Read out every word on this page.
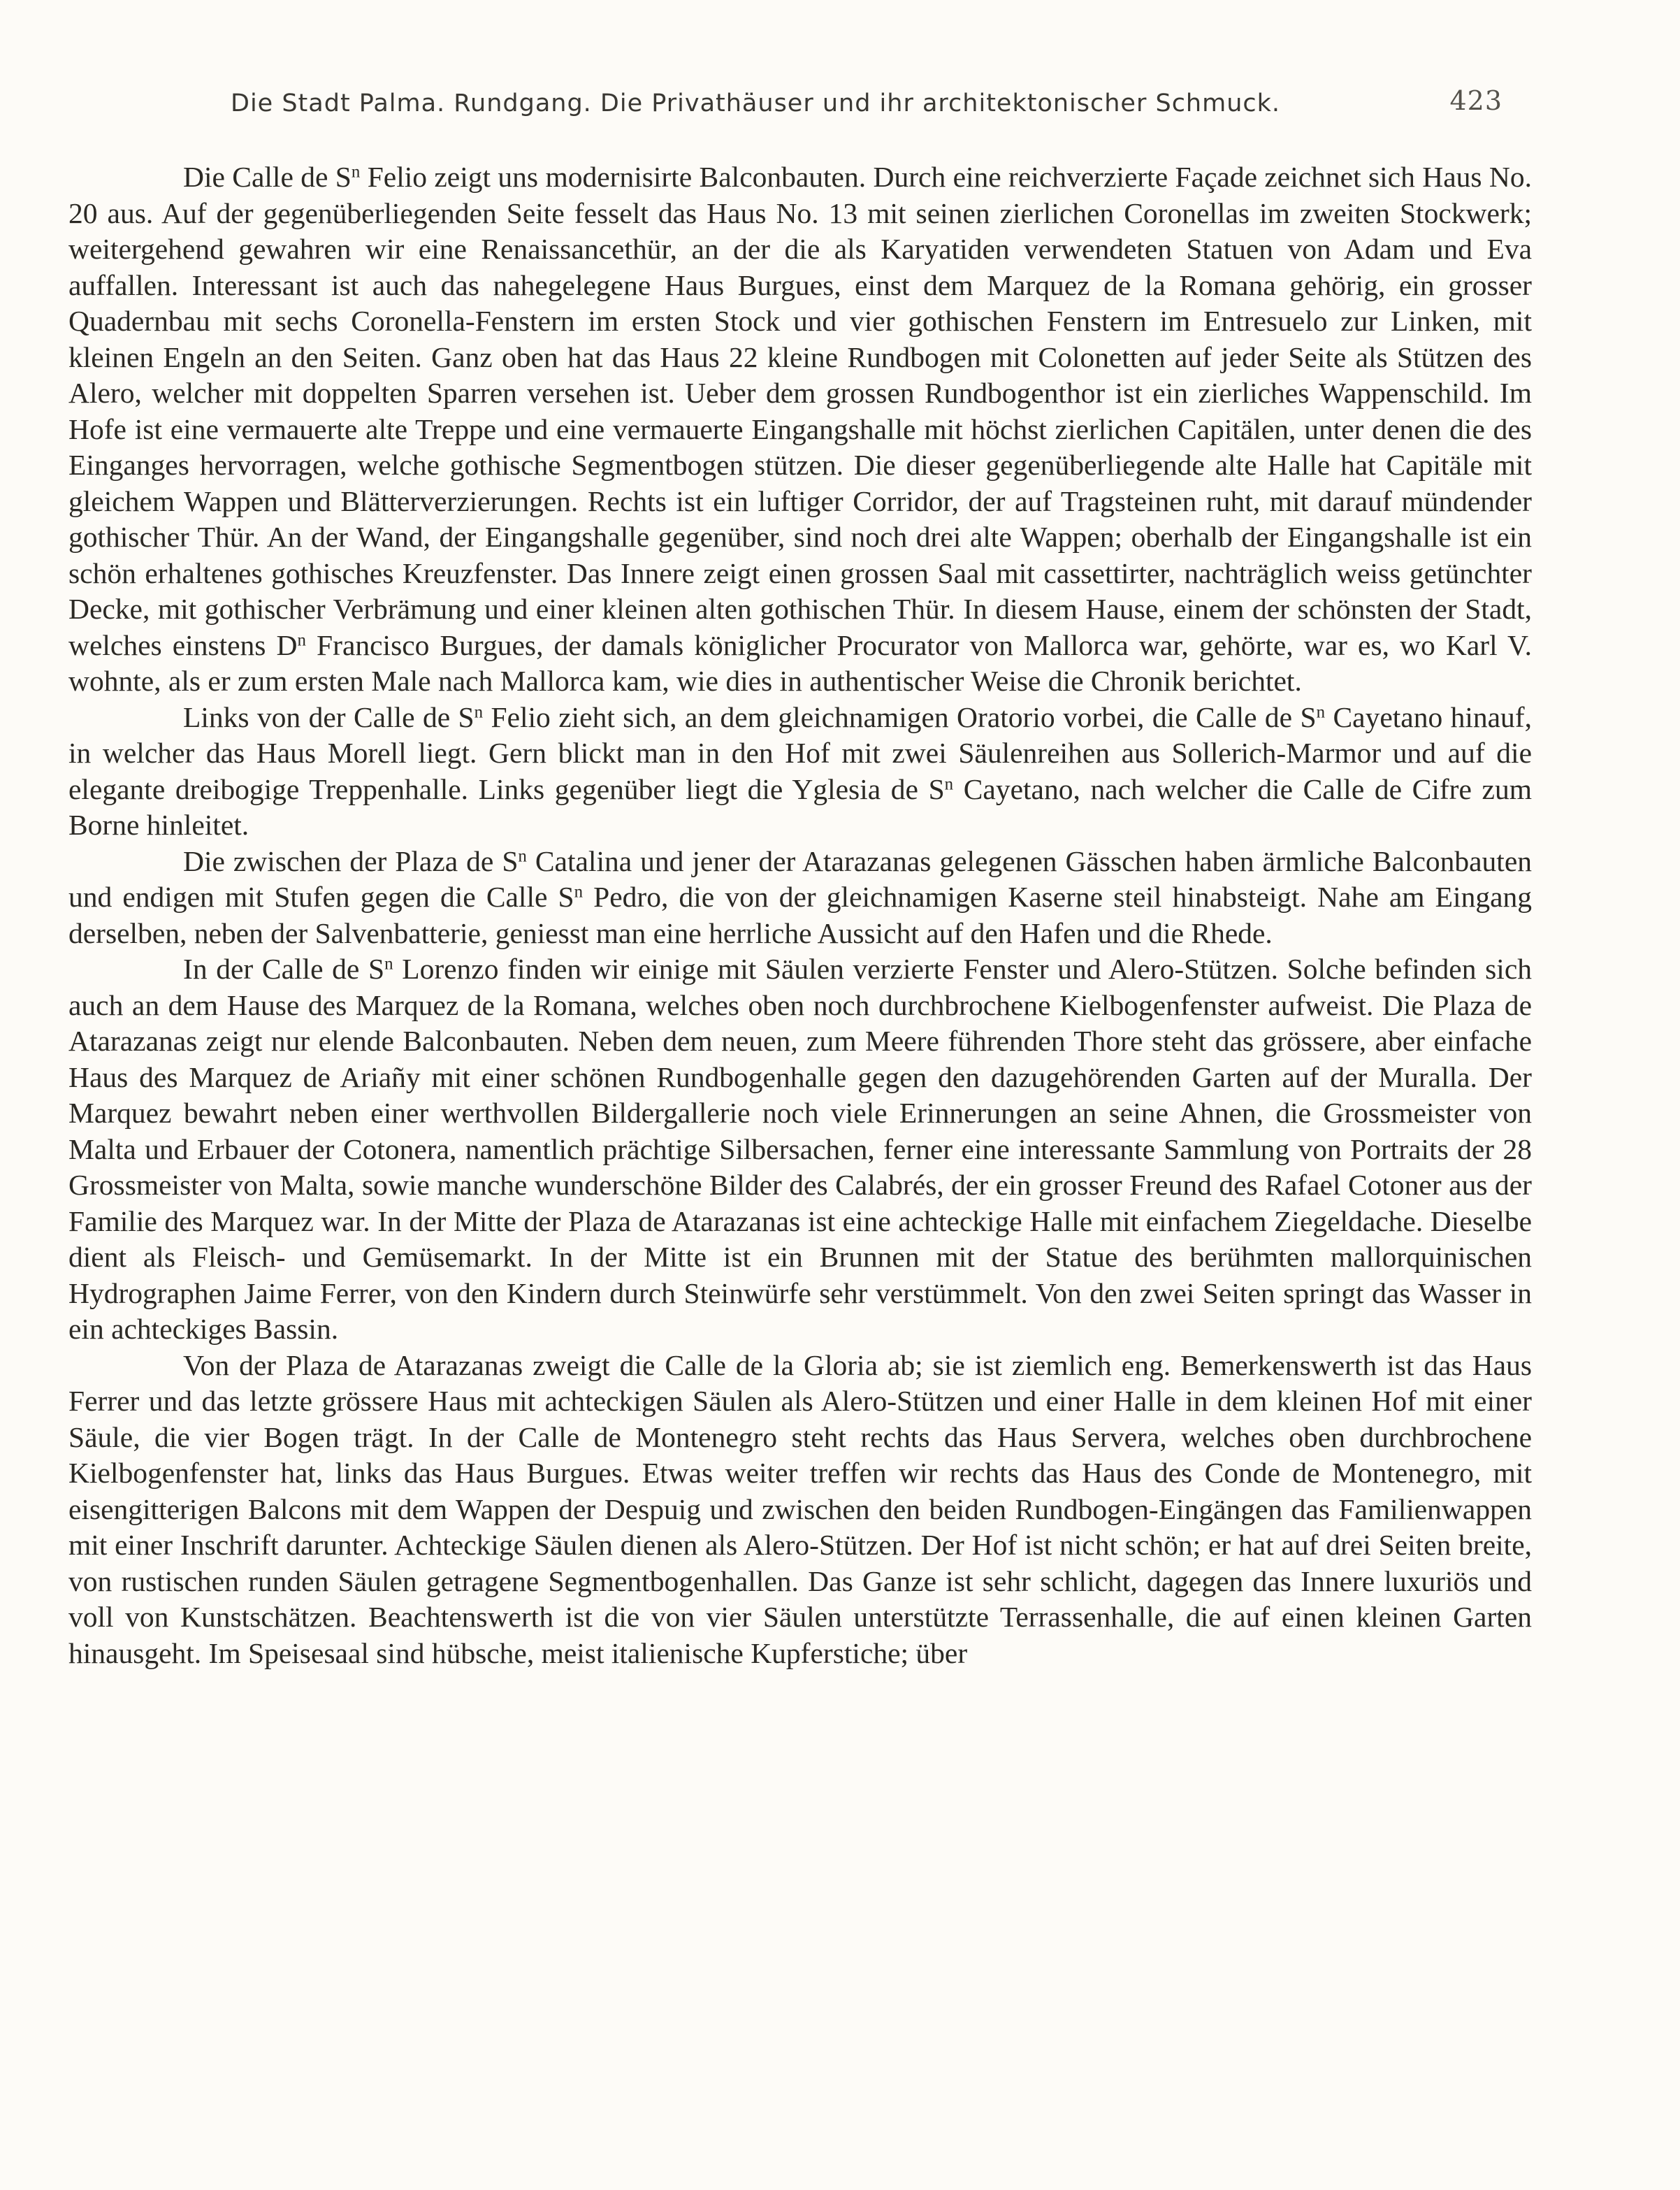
Die Stadt Palma. Rundgang. Die Privathäuser und ihr architektonischer Schmuck.	423

Die Calle de $S^n$ Felio zeigt uns modernisirte Balconbauten. Durch eine reichverzierte Façade zeichnet sich Haus No. 20 aus. Auf der gegenüberliegenden Seite fesselt das Haus No. 13 mit seinen zierlichen Coronellas im zweiten Stockwerk; weitergehend gewahren wir eine Renaissancethür, an der die als Karyatiden verwendeten Statuen von Adam und Eva auffallen. Interessant ist auch das nahegelegene Haus Burgues, einst dem Marquez de la Romana gehörig, ein grosser Quadernbau mit sechs Coronella-Fenstern im ersten Stock und vier gothischen Fenstern im Entresuelo zur Linken, mit kleinen Engeln an den Seiten. Ganz oben hat das Haus 22 kleine Rundbogen mit Colonetten auf jeder Seite als Stützen des Alero, welcher mit doppelten Sparren versehen ist. Ueber dem grossen Rundbogenthor ist ein zierliches Wappenschild. Im Hofe ist eine vermauerte alte Treppe und eine vermauerte Eingangshalle mit höchst zierlichen Capitälen, unter denen die des Einganges hervorragen, welche gothische Segmentbogen stützen. Die dieser gegenüberliegende alte Halle hat Capitäle mit gleichem Wappen und Blätterverzierungen. Rechts ist ein luftiger Corridor, der auf Tragsteinen ruht, mit darauf mündender gothischer Thür. An der Wand, der Eingangshalle gegenüber, sind noch drei alte Wappen; oberhalb der Eingangshalle ist ein schön erhaltenes gothisches Kreuzfenster. Das Innere zeigt einen grossen Saal mit cassettirter, nachträglich weiss getünchter Decke, mit gothischer Verbrämung und einer kleinen alten gothischen Thür. In diesem Hause, einem der schönsten der Stadt, welches einstens $D^n$ Francisco Burgues, der damals königlicher Procurator von Mallorca war, gehörte, war es, wo Karl V. wohnte, als er zum ersten Male nach Mallorca kam, wie dies in authentischer Weise die Chronik berichtet.

Links von der Calle de $S^n$ Felio zieht sich, an dem gleichnamigen Oratorio vorbei, die Calle de $S^n$ Cayetano hinauf, in welcher das Haus Morell liegt. Gern blickt man in den Hof mit zwei Säulenreihen aus Sollerich-Marmor und auf die elegante dreibogige Treppenhalle. Links gegenüber liegt die Yglesia de $S^n$ Cayetano, nach welcher die Calle de Cifre zum Borne hinleitet.

Die zwischen der Plaza de $S^n$ Catalina und jener der Atarazanas gelegenen Gässchen haben ärmliche Balconbauten und endigen mit Stufen gegen die Calle $S^n$ Pedro, die von der gleichnamigen Kaserne steil hinabsteigt. Nahe am Eingang derselben, neben der Salvenbatterie, geniesst man eine herrliche Aussicht auf den Hafen und die Rhede.

In der Calle de $S^n$ Lorenzo finden wir einige mit Säulen verzierte Fenster und Alero-Stützen. Solche befinden sich auch an dem Hause des Marquez de la Romana, welches oben noch durchbrochene Kielbogenfenster aufweist. Die Plaza de Atarazanas zeigt nur elende Balconbauten. Neben dem neuen, zum Meere führenden Thore steht das grössere, aber einfache Haus des Marquez de Ariañy mit einer schönen Rundbogenhalle gegen den dazugehörenden Garten auf der Muralla. Der Marquez bewahrt neben einer werthvollen Bildergallerie noch viele Erinnerungen an seine Ahnen, die Grossmeister von Malta und Erbauer der Cotonera, namentlich prächtige Silbersachen, ferner eine interessante Sammlung von Portraits der 28 Grossmeister von Malta, sowie manche wunderschöne Bilder des Calabrés, der ein grosser Freund des Rafael Cotoner aus der Familie des Marquez war. In der Mitte der Plaza de Atarazanas ist eine achteckige Halle mit einfachem Ziegeldache. Dieselbe dient als Fleisch- und Gemüsemarkt. In der Mitte ist ein Brunnen mit der Statue des berühmten mallorquinischen Hydrographen Jaime Ferrer, von den Kindern durch Steinwürfe sehr verstümmelt. Von den zwei Seiten springt das Wasser in ein achteckiges Bassin.

Von der Plaza de Atarazanas zweigt die Calle de la Gloria ab; sie ist ziemlich eng. Bemerkenswerth ist das Haus Ferrer und das letzte grössere Haus mit achteckigen Säulen als Alero-Stützen und einer Halle in dem kleinen Hof mit einer Säule, die vier Bogen trägt. In der Calle de Montenegro steht rechts das Haus Servera, welches oben durchbrochene Kielbogenfenster hat, links das Haus Burgues. Etwas weiter treffen wir rechts das Haus des Conde de Montenegro, mit eisengitterigen Balcons mit dem Wappen der Despuig und zwischen den beiden Rundbogen-Eingängen das Familienwappen mit einer Inschrift darunter. Achteckige Säulen dienen als Alero-Stützen. Der Hof ist nicht schön; er hat auf drei Seiten breite, von rustischen runden Säulen getragene Segmentbogenhallen. Das Ganze ist sehr schlicht, dagegen das Innere luxuriös und voll von Kunstschätzen. Beachtenswerth ist die von vier Säulen unterstützte Terrassenhalle, die auf einen kleinen Garten hinausgeht. Im Speisesaal sind hübsche, meist italienische Kupferstiche; über
